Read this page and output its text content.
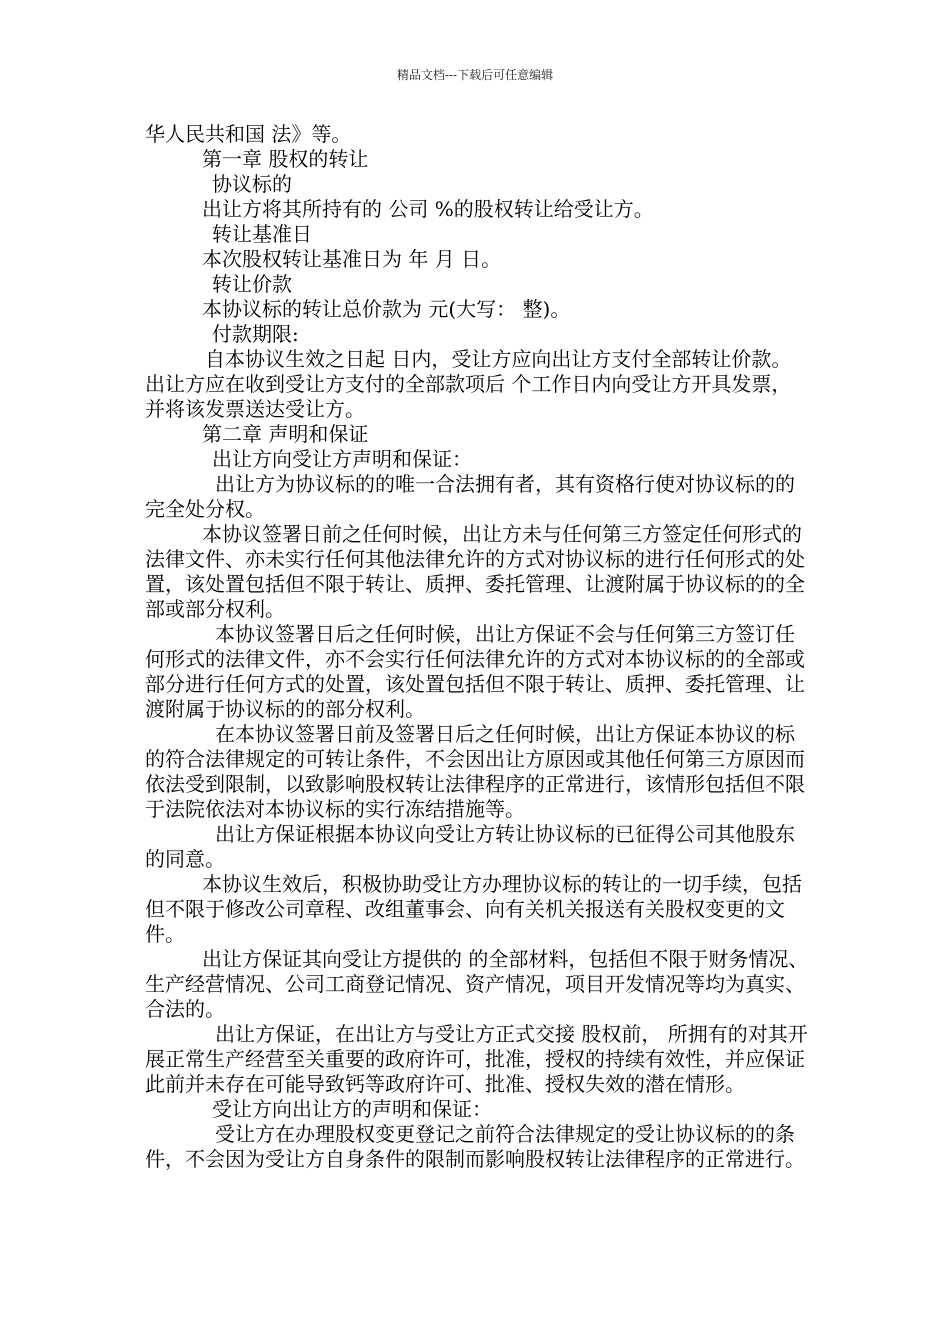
精品文档---下载后可任意编辑

华人民共和国 法》等。

第一章 股权的转让

协议标的

出让方将其所持有的 公司 %的股权转让给受让方。

转让基准日

本次股权转让基准日为 年 月 日。

转让价款

本协议标的转让总价款为 元(大写： 整)。

付款期限:

自本协议生效之日起 日内，受让方应向出让方支付全部转让价款。出让方应在收到受让方支付的全部款项后 个工作日内向受让方开具发票，并将该发票送达受让方。

第二章 声明和保证

出让方向受让方声明和保证：

出让方为协议标的的唯一合法拥有者，其有资格行使对协议标的的完全处分权。

本协议签署日前之任何时候，出让方未与任何第三方签定任何形式的法律文件、亦未实行任何其他法律允许的方式对协议标的进行任何形式的处置，该处置包括但不限于转让、质押、委托管理、让渡附属于协议标的的全部或部分权利。

本协议签署日后之任何时候，出让方保证不会与任何第三方签订任何形式的法律文件，亦不会实行任何法律允许的方式对本协议标的的全部或部分进行任何方式的处置，该处置包括但不限于转让、质押、委托管理、让渡附属于协议标的的部分权利。

在本协议签署日前及签署日后之任何时候，出让方保证本协议的标的符合法律规定的可转让条件，不会因出让方原因或其他任何第三方原因而依法受到限制，以致影响股权转让法律程序的正常进行，该情形包括但不限于法院依法对本协议标的实行冻结措施等。

出让方保证根据本协议向受让方转让协议标的已征得公司其他股东的同意。

本协议生效后，积极协助受让方办理协议标的转让的一切手续，包括但不限于修改公司章程、改组董事会、向有关机关报送有关股权变更的文件。

出让方保证其向受让方提供的 的全部材料，包括但不限于财务情况、生产经营情况、公司工商登记情况、资产情况，项目开发情况等均为真实、合法的。

出让方保证，在出让方与受让方正式交接 股权前， 所拥有的对其开展正常生产经营至关重要的政府许可，批准，授权的持续有效性，并应保证此前并未存在可能导致钙等政府许可、批准、授权失效的潜在情形。

受让方向出让方的声明和保证：

受让方在办理股权变更登记之前符合法律规定的受让协议标的的条件，不会因为受让方自身条件的限制而影响股权转让法律程序的正常进行。
